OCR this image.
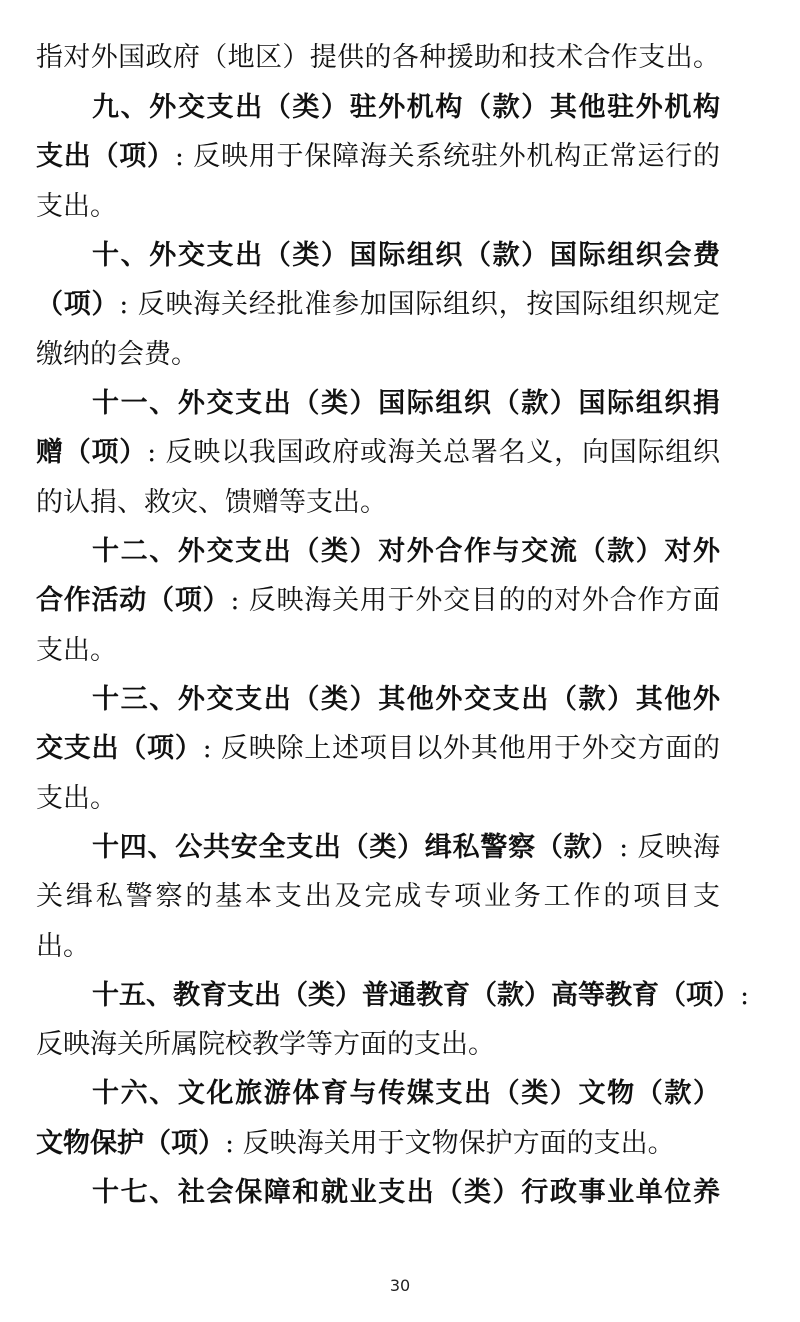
指对外国政府（地区）提供的各种援助和技术合作支出。
九、外交支出（类）驻外机构（款）其他驻外机构
支出（项）: 反映用于保障海关系统驻外机构正常运行的
支出。
十、外交支出（类）国际组织（款）国际组织会费
（项）: 反映海关经批准参加国际组织，按国际组织规定
缴纳的会费。
十一、外交支出（类）国际组织（款）国际组织捐
赠（项）: 反映以我国政府或海关总署名义，向国际组织
的认捐、救灾、馈赠等支出。
十二、外交支出（类）对外合作与交流（款）对外
合作活动（项）: 反映海关用于外交目的的对外合作方面
支出。
十三、外交支出（类）其他外交支出（款）其他外
交支出（项）: 反映除上述项目以外其他用于外交方面的
支出。
十四、公共安全支出（类）缉私警察（款）: 反映海
关缉私警察的基本支出及完成专项业务工作的项目支
出。
十五、教育支出（类）普通教育（款）高等教育（项）:
反映海关所属院校教学等方面的支出。
十六、文化旅游体育与传媒支出（类）文物（款）
文物保护（项）: 反映海关用于文物保护方面的支出。
十七、社会保障和就业支出（类）行政事业单位养
30
